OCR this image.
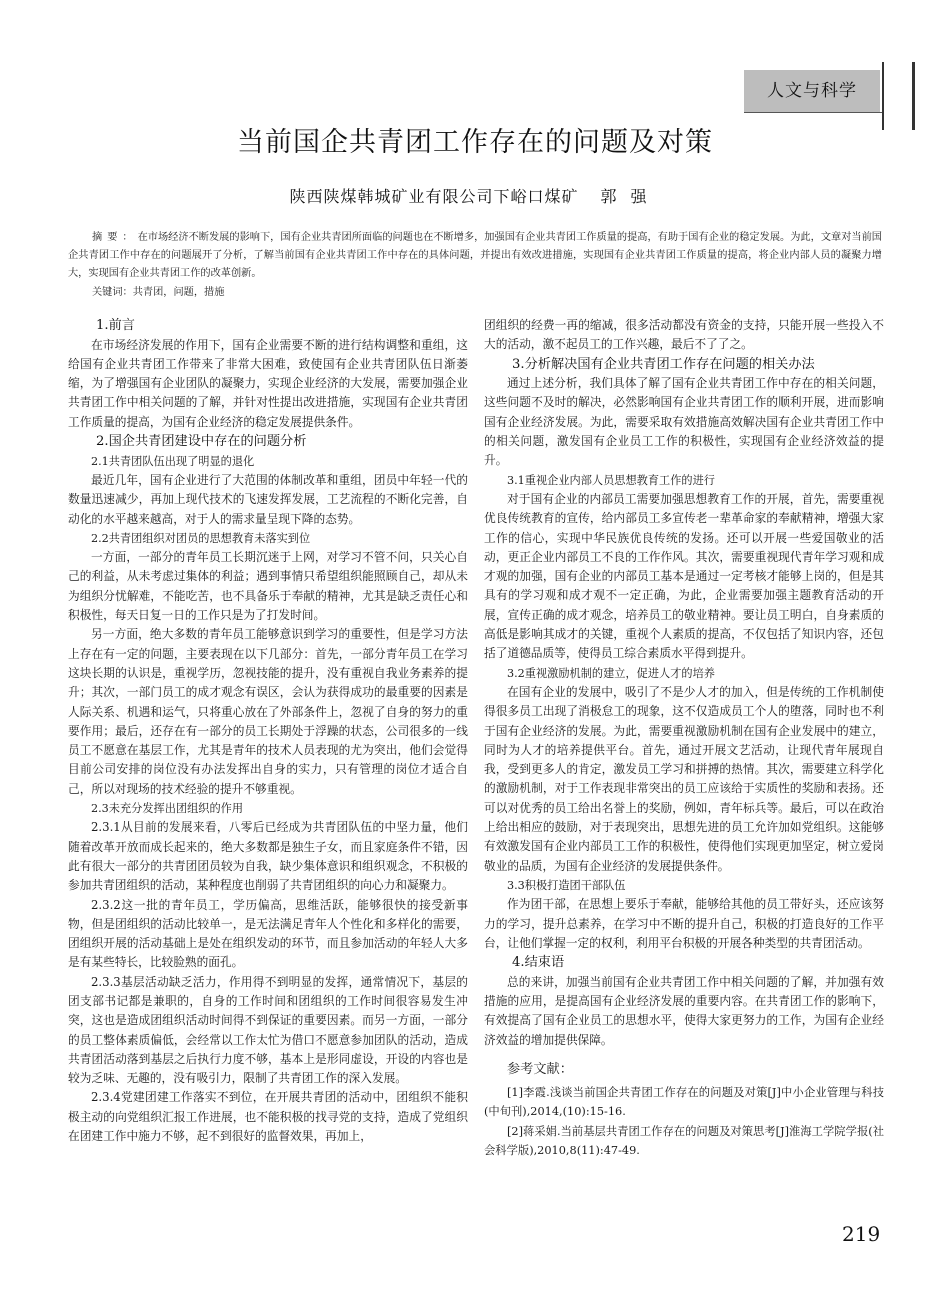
人文与科学
当前国企共青团工作存在的问题及对策
陕西陕煤韩城矿业有限公司下峪口煤矿 郭强

摘要：在市场经济不断发展的影响下，国有企业共青团所面临的问题也在不断增多，加强国有企业共青团工作质量的提高，有助于国有企业的稳定发展。为此，文章对当前国企共青团工作中存在的问题展开了分析，了解当前国有企业共青团工作中存在的具体问题，并提出有效改进措施，实现国有企业共青团工作质量的提高，将企业内部人员的凝聚力增大，实现国有企业共青团工作的改革创新。

关键词：共青团，问题，措施
1.前言

在市场经济发展的作用下，国有企业需要不断的进行结构调整和重组，这给国有企业共青团工作带来了非常大困难，致使国有企业共青团队伍日渐萎缩，为了增强国有企业团队的凝聚力，实现企业经济的大发展，需要加强企业共青团工作中相关问题的了解，并针对性提出改进措施，实现国有企业共青团工作质量的提高，为国有企业经济的稳定发展提供条件。

2.国企共青团建设中存在的问题分析
2.1共青团队伍出现了明显的退化

最近几年，国有企业进行了大范围的体制改革和重组，团员中年轻一代的数量迅速减少，再加上现代技术的飞速发挥发展，工艺流程的不断化完善，自动化的水平越来越高，对于人的需求量呈现下降的态势。

2.2共青团组织对团员的思想教育未落实到位

一方面，一部分的青年员工长期沉迷于上网，对学习不管不问，只关心自己的利益，从未考虑过集体的利益；遇到事情只希望组织能照顾自己，却从未为组织分忧解难，不能吃苦，也不具备乐于奉献的精神，尤其是缺乏责任心和积极性，每天日复一日的工作只是为了打发时间。

另一方面，绝大多数的青年员工能够意识到学习的重要性，但是学习方法上存在有一定的问题，主要表现在以下几部分：首先，一部分青年员工在学习这块长期的认识是，重视学历，忽视技能的提升，没有重视自我业务素养的提升；其次，一部门员工的成才观念有误区，会认为获得成功的最重要的因素是人际关系、机遇和运气，只将重心放在了外部条件上，忽视了自身的努力的重要作用；最后，还存在有一部分的员工长期处于浮躁的状态，公司很多的一线员工不愿意在基层工作，尤其是青年的技术人员表现的尤为突出，他们会觉得目前公司安排的岗位没有办法发挥出自身的实力，只有管理的岗位才适合自己，所以对现场的技术经验的提升不够重视。

2.3未充分发挥出团组织的作用

2.3.1从目前的发展来看，八零后已经成为共青团队伍的中坚力量，他们随着改革开放而成长起来的，绝大多数都是独生子女，而且家庭条件不错，因此有很大一部分的共青团团员较为自我，缺少集体意识和组织观念，不积极的参加共青团组织的活动，某种程度也削弱了共青团组织的向心力和凝聚力。

2.3.2这一批的青年员工，学历偏高，思维活跃，能够很快的接受新事物，但是团组织的活动比较单一，是无法满足青年人个性化和多样化的需要，团组织开展的活动基础上是处在组织发动的环节，而且参加活动的年轻人大多是有某些特长，比较脸熟的面孔。

2.3.3基层活动缺乏活力，作用得不到明显的发挥，通常情况下，基层的团支部书记都是兼职的，自身的工作时间和团组织的工作时间很容易发生冲突，这也是造成团组织活动时间得不到保证的重要因素。而另一方面，一部分的员工整体素质偏低，会经常以工作太忙为借口不愿意参加团队的活动，造成共青团活动落到基层之后执行力度不够，基本上是形同虚设，开设的内容也是较为乏味、无趣的，没有吸引力，限制了共青团工作的深入发展。

2.3.4党建团建工作落实不到位，在开展共青团的活动中，团组织不能积极主动的向党组织汇报工作进展，也不能积极的找寻党的支持，造成了党组织在团建工作中施力不够，起不到很好的监督效果，再加上，

团组织的经费一再的缩减，很多活动都没有资金的支持，只能开展一些投入不大的活动，激不起员工的工作兴趣，最后不了了之。

3.分析解决国有企业共青团工作存在问题的相关办法

通过上述分析，我们具体了解了国有企业共青团工作中存在的相关问题，这些问题不及时的解决，必然影响国有企业共青团工作的顺利开展，进而影响国有企业经济发展。为此，需要采取有效措施高效解决国有企业共青团工作中的相关问题，激发国有企业员工工作的积极性，实现国有企业经济效益的提升。

3.1重视企业内部人员思想教育工作的进行

对于国有企业的内部员工需要加强思想教育工作的开展，首先，需要重视优良传统教育的宣传，给内部员工多宣传老一辈革命家的奉献精神，增强大家工作的信心，实现中华民族优良传统的发扬。还可以开展一些爱国敬业的活动，更正企业内部员工不良的工作作风。其次，需要重视现代青年学习观和成才观的加强，国有企业的内部员工基本是通过一定考核才能够上岗的，但是其具有的学习观和成才观不一定正确，为此，企业需要加强主题教育活动的开展，宣传正确的成才观念，培养员工的敬业精神。要让员工明白，自身素质的高低是影响其成才的关键，重视个人素质的提高，不仅包括了知识内容，还包括了道德品质等，使得员工综合素质水平得到提升。

3.2重视激励机制的建立，促进人才的培养

在国有企业的发展中，吸引了不是少人才的加入，但是传统的工作机制使得很多员工出现了消极怠工的现象，这不仅造成员工个人的堕落，同时也不利于国有企业经济的发展。为此，需要重视激励机制在国有企业发展中的建立，同时为人才的培养提供平台。首先，通过开展文艺活动，让现代青年展现自我，受到更多人的肯定，激发员工学习和拼搏的热情。其次，需要建立科学化的激励机制，对于工作表现非常突出的员工应该给于实质性的奖励和表扬。还可以对优秀的员工给出名誉上的奖励，例如，青年标兵等。最后，可以在政治上给出相应的鼓励，对于表现突出，思想先进的员工允许加如党组织。这能够有效激发国有企业内部员工工作的积极性，使得他们实现更加坚定，树立爱岗敬业的品质，为国有企业经济的发展提供条件。

3.3积极打造团干部队伍

作为团干部，在思想上要乐于奉献，能够给其他的员工带好头，还应该努力的学习，提升总素养，在学习中不断的提升自己，积极的打造良好的工作平台，让他们掌握一定的权利，利用平台积极的开展各种类型的共青团活动。

4.结束语

总的来讲，加强当前国有企业共青团工作中相关问题的了解，并加强有效措施的应用，是提高国有企业经济发展的重要内容。在共青团工作的影响下，有效提高了国有企业员工的思想水平，使得大家更努力的工作，为国有企业经济效益的增加提供保障。

参考文献：

[1]李霞.浅谈当前国企共青团工作存在的问题及对策[J]中小企业管理与科技(中旬刊),2014,(10):15-16.

[2]蒋采娟.当前基层共青团工作存在的问题及对策思考[J]淮海工学院学报(社会科学版),2010,8(11):47-49.

219
